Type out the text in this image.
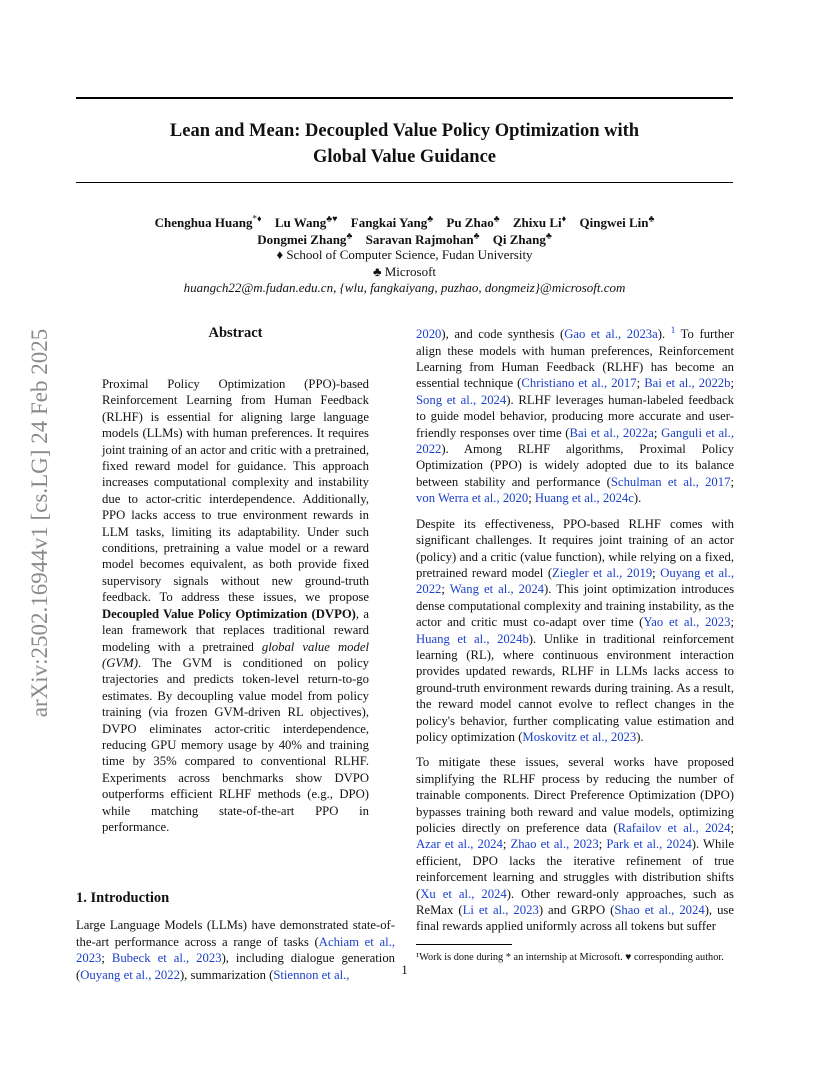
Lean and Mean: Decoupled Value Policy Optimization with
Global Value Guidance
Chenghua Huang*♦ Lu Wang♣♥ Fangkai Yang♣ Pu Zhao♣ Zhixu Li♦ Qingwei Lin♣
Dongmei Zhang♣ Saravan Rajmohan♣ Qi Zhang♣
♦ School of Computer Science, Fudan University
♣ Microsoft
huangch22@m.fudan.edu.cn, {wlu, fangkaiyang, puzhao, dongmeiz}@microsoft.com
arXiv:2502.16944v1 [cs.LG] 24 Feb 2025	Abstract

Proximal Policy Optimization (PPO)-based Reinforcement Learning from Human Feedback (RLHF) is essential for aligning large language models (LLMs) with human preferences. It requires joint training of an actor and critic with a pretrained, fixed reward model for guidance. This approach increases computational complexity and instability due to actor-critic interdependence. Additionally, PPO lacks access to true environment rewards in LLM tasks, limiting its adaptability. Under such conditions, pretraining a value model or a reward model becomes equivalent, as both provide fixed supervisory signals without new ground-truth feedback. To address these issues, we propose Decoupled Value Policy Optimization (DVPO), a lean framework that replaces traditional reward modeling with a pretrained global value model (GVM). The GVM is conditioned on policy trajectories and predicts token-level return-to-go estimates. By decoupling value model from policy training (via frozen GVM-driven RL objectives), DVPO eliminates actor-critic interdependence, reducing GPU memory usage by 40% and training time by 35% compared to conventional RLHF. Experiments across benchmarks show DVPO outperforms efficient RLHF methods (e.g., DPO) while matching state-of-the-art PPO in performance.

1. Introduction

Large Language Models (LLMs) have demonstrated state-of-the-art performance across a range of tasks (Achiam et al., 2023; Bubeck et al., 2023), including dialogue generation (Ouyang et al., 2022), summarization (Stiennon et al.,

2020), and code synthesis (Gao et al., 2023a). $^1$ To further align these models with human preferences, Reinforcement Learning from Human Feedback (RLHF) has become an essential technique (Christiano et al., 2017; Bai et al., 2022b; Song et al., 2024). RLHF leverages human-labeled feedback to guide model behavior, producing more accurate and user-friendly responses over time (Bai et al., 2022a; Ganguli et al., 2022). Among RLHF algorithms, Proximal Policy Optimization (PPO) is widely adopted due to its balance between stability and performance (Schulman et al., 2017; von Werra et al., 2020; Huang et al., 2024c).

Despite its effectiveness, PPO-based RLHF comes with significant challenges. It requires joint training of an actor (policy) and a critic (value function), while relying on a fixed, pretrained reward model (Ziegler et al., 2019; Ouyang et al., 2022; Wang et al., 2024). This joint optimization introduces dense computational complexity and training instability, as the actor and critic must co-adapt over time (Yao et al., 2023; Huang et al., 2024b). Unlike in traditional reinforcement learning (RL), where continuous environment interaction provides updated rewards, RLHF in LLMs lacks access to ground-truth environment rewards during training. As a result, the reward model cannot evolve to reflect changes in the policy's behavior, further complicating value estimation and policy optimization (Moskovitz et al., 2023).

To mitigate these issues, several works have proposed simplifying the RLHF process by reducing the number of trainable components. Direct Preference Optimization (DPO) bypasses training both reward and value models, optimizing policies directly on preference data (Rafailov et al., 2024; Azar et al., 2024; Zhao et al., 2023; Park et al., 2024). While efficient, DPO lacks the iterative refinement of true reinforcement learning and struggles with distribution shifts (Xu et al., 2024). Other reward-only approaches, such as ReMax (Li et al., 2023) and GRPO (Shao et al., 2024), use final rewards applied uniformly across all tokens but suffer

¹Work is done during * an internship at Microsoft. ♥ corresponding author.

1
